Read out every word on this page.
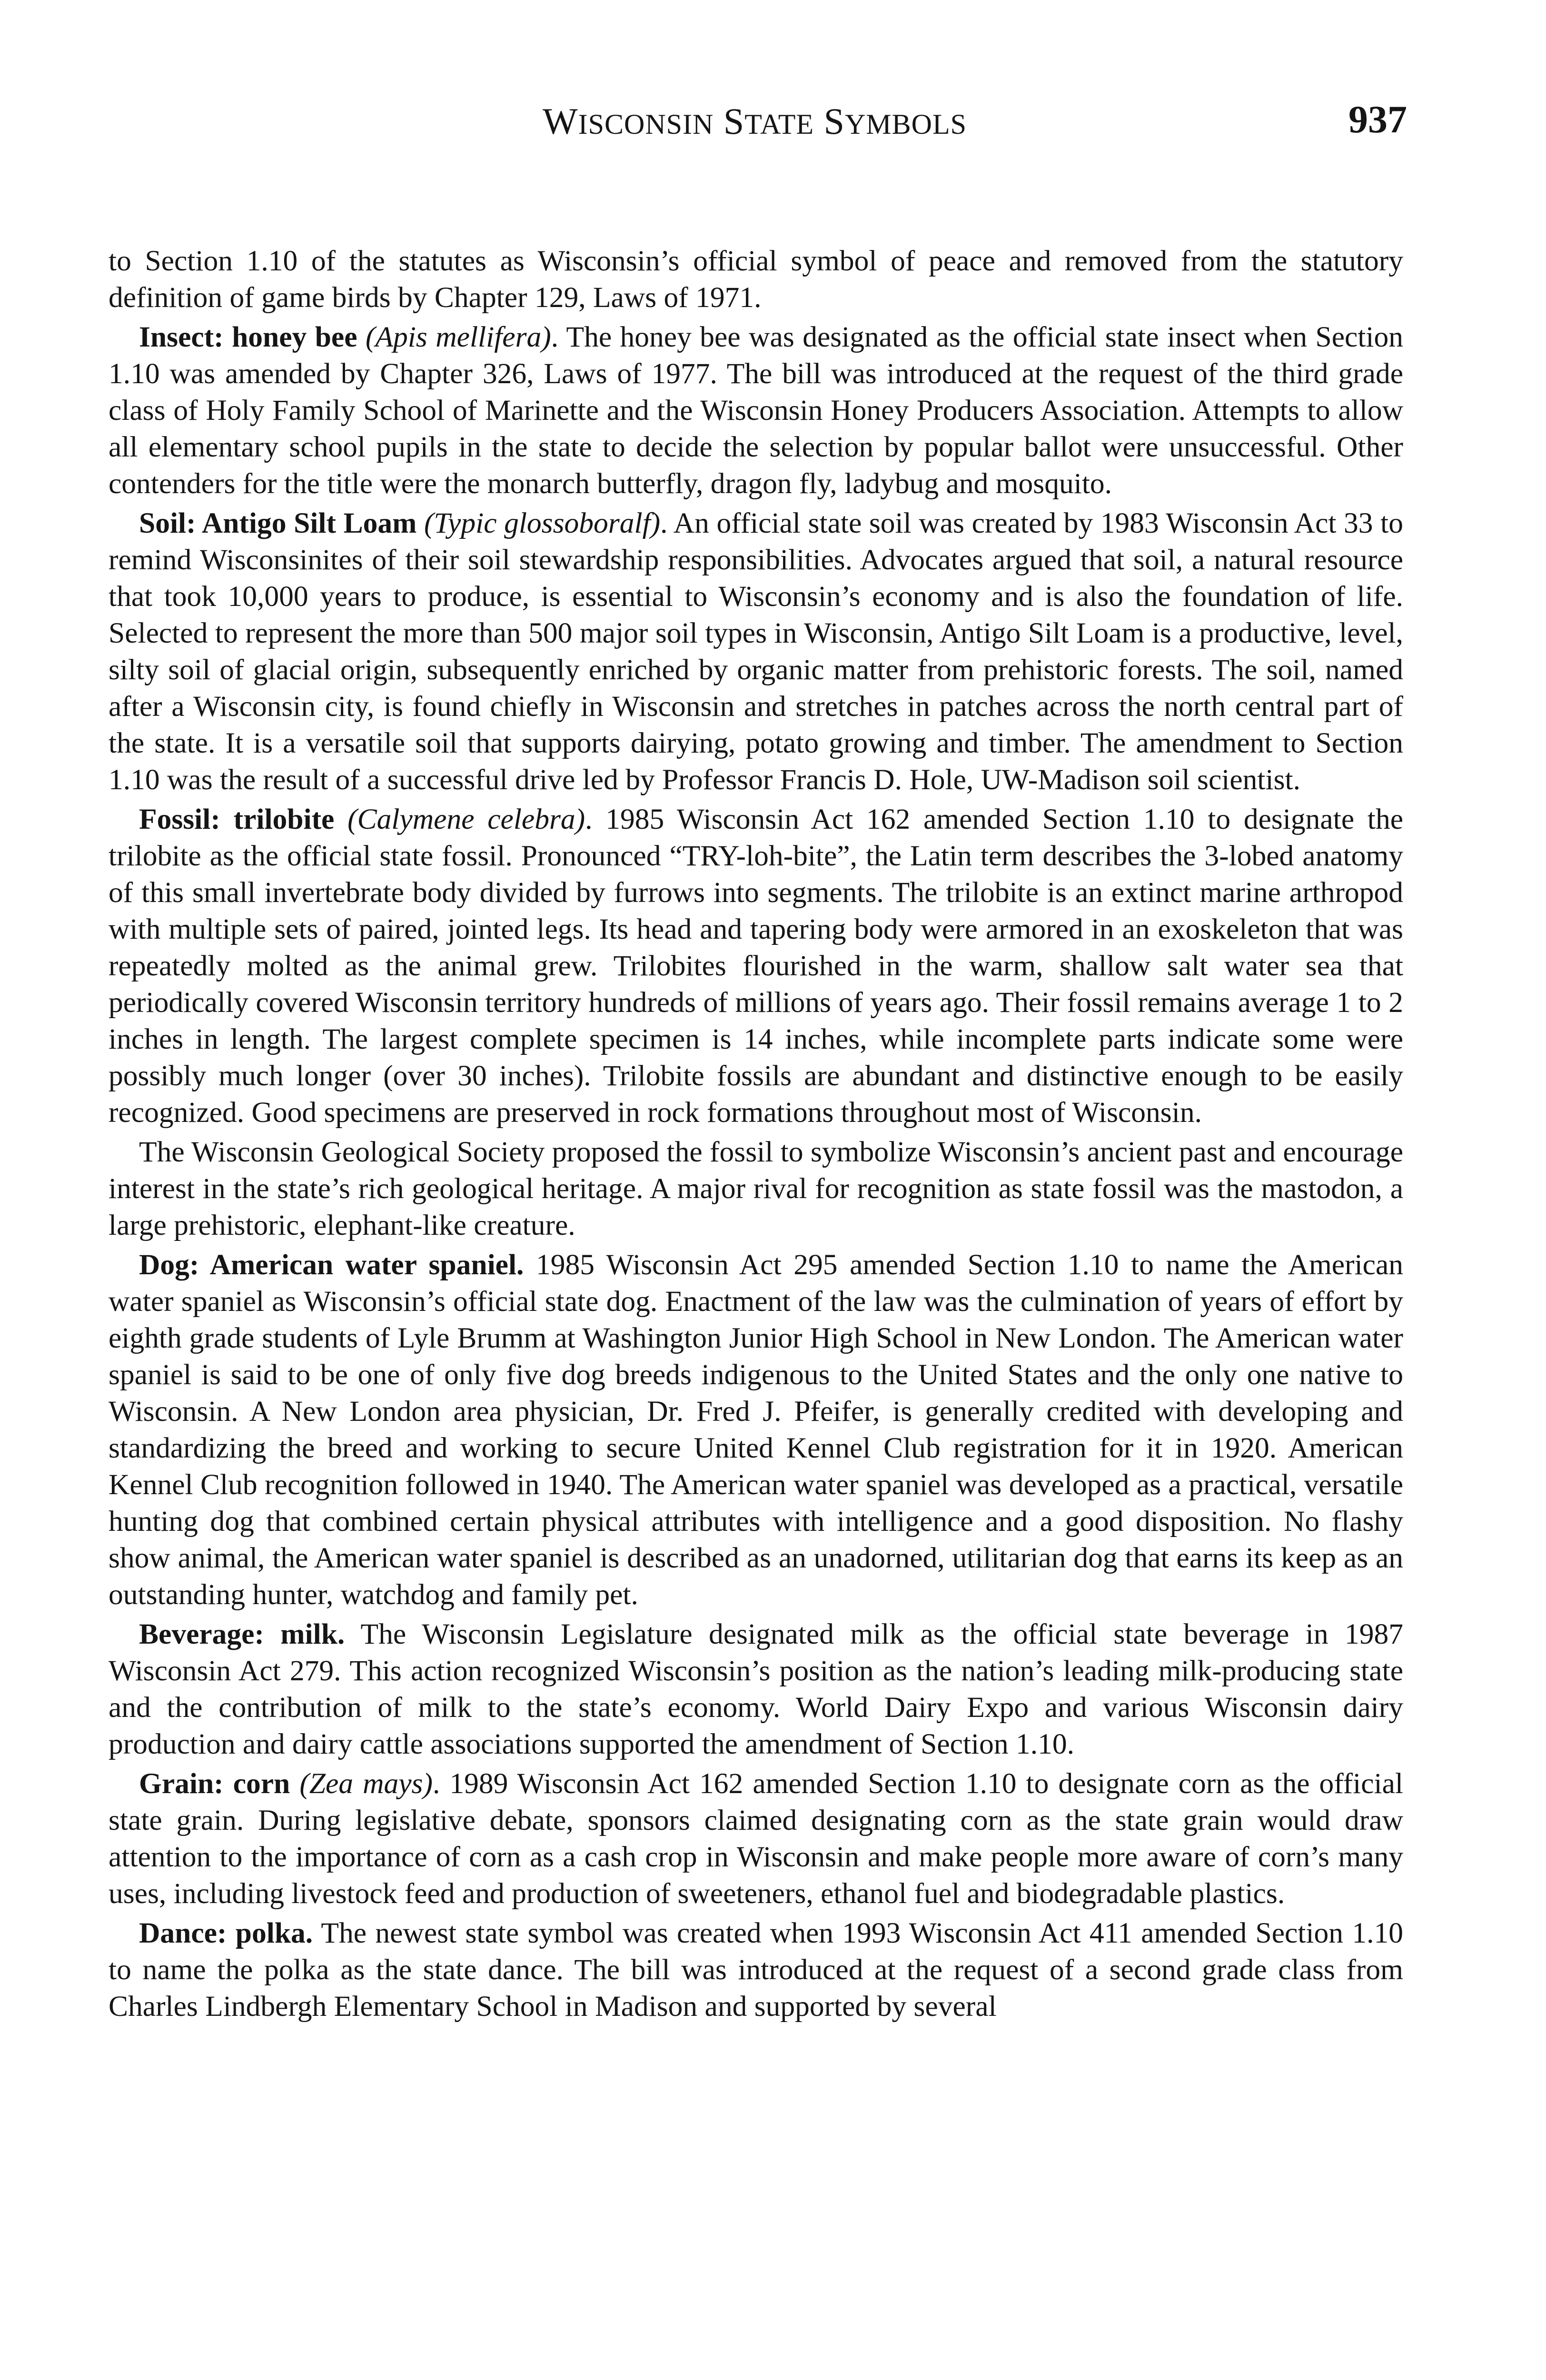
WISCONSIN STATE SYMBOLS	937

to Section 1.10 of the statutes as Wisconsin’s official symbol of peace and removed from the statutory definition of game birds by Chapter 129, Laws of 1971.

Insect: honey bee (Apis mellifera). The honey bee was designated as the official state insect when Section 1.10 was amended by Chapter 326, Laws of 1977. The bill was introduced at the request of the third grade class of Holy Family School of Marinette and the Wisconsin Honey Producers Association. Attempts to allow all elementary school pupils in the state to decide the selection by popular ballot were unsuccessful. Other contenders for the title were the monarch butterfly, dragon fly, ladybug and mosquito.

Soil: Antigo Silt Loam (Typic glossoboralf). An official state soil was created by 1983 Wisconsin Act 33 to remind Wisconsinites of their soil stewardship responsibilities. Advocates argued that soil, a natural resource that took 10,000 years to produce, is essential to Wisconsin’s economy and is also the foundation of life. Selected to represent the more than 500 major soil types in Wisconsin, Antigo Silt Loam is a productive, level, silty soil of glacial origin, subsequently enriched by organic matter from prehistoric forests. The soil, named after a Wisconsin city, is found chiefly in Wisconsin and stretches in patches across the north central part of the state. It is a versatile soil that supports dairying, potato growing and timber. The amendment to Section 1.10 was the result of a successful drive led by Professor Francis D. Hole, UW-Madison soil scientist.

Fossil: trilobite (Calymene celebra). 1985 Wisconsin Act 162 amended Section 1.10 to designate the trilobite as the official state fossil. Pronounced “TRY-loh-bite”, the Latin term describes the 3-lobed anatomy of this small invertebrate body divided by furrows into segments. The trilobite is an extinct marine arthropod with multiple sets of paired, jointed legs. Its head and tapering body were armored in an exoskeleton that was repeatedly molted as the animal grew. Trilobites flourished in the warm, shallow salt water sea that periodically covered Wisconsin territory hundreds of millions of years ago. Their fossil remains average 1 to 2 inches in length. The largest complete specimen is 14 inches, while incomplete parts indicate some were possibly much longer (over 30 inches). Trilobite fossils are abundant and distinctive enough to be easily recognized. Good specimens are preserved in rock formations throughout most of Wisconsin.

The Wisconsin Geological Society proposed the fossil to symbolize Wisconsin’s ancient past and encourage interest in the state’s rich geological heritage. A major rival for recognition as state fossil was the mastodon, a large prehistoric, elephant-like creature.

Dog: American water spaniel. 1985 Wisconsin Act 295 amended Section 1.10 to name the American water spaniel as Wisconsin’s official state dog. Enactment of the law was the culmination of years of effort by eighth grade students of Lyle Brumm at Washington Junior High School in New London. The American water spaniel is said to be one of only five dog breeds indigenous to the United States and the only one native to Wisconsin. A New London area physician, Dr. Fred J. Pfeifer, is generally credited with developing and standardizing the breed and working to secure United Kennel Club registration for it in 1920. American Kennel Club recognition followed in 1940. The American water spaniel was developed as a practical, versatile hunting dog that combined certain physical attributes with intelligence and a good disposition. No flashy show animal, the American water spaniel is described as an unadorned, utilitarian dog that earns its keep as an outstanding hunter, watchdog and family pet.

Beverage: milk. The Wisconsin Legislature designated milk as the official state beverage in 1987 Wisconsin Act 279. This action recognized Wisconsin’s position as the nation’s leading milk-producing state and the contribution of milk to the state’s economy. World Dairy Expo and various Wisconsin dairy production and dairy cattle associations supported the amendment of Section 1.10.

Grain: corn (Zea mays). 1989 Wisconsin Act 162 amended Section 1.10 to designate corn as the official state grain. During legislative debate, sponsors claimed designating corn as the state grain would draw attention to the importance of corn as a cash crop in Wisconsin and make people more aware of corn’s many uses, including livestock feed and production of sweeteners, ethanol fuel and biodegradable plastics.

Dance: polka. The newest state symbol was created when 1993 Wisconsin Act 411 amended Section 1.10 to name the polka as the state dance. The bill was introduced at the request of a second grade class from Charles Lindbergh Elementary School in Madison and supported by several
